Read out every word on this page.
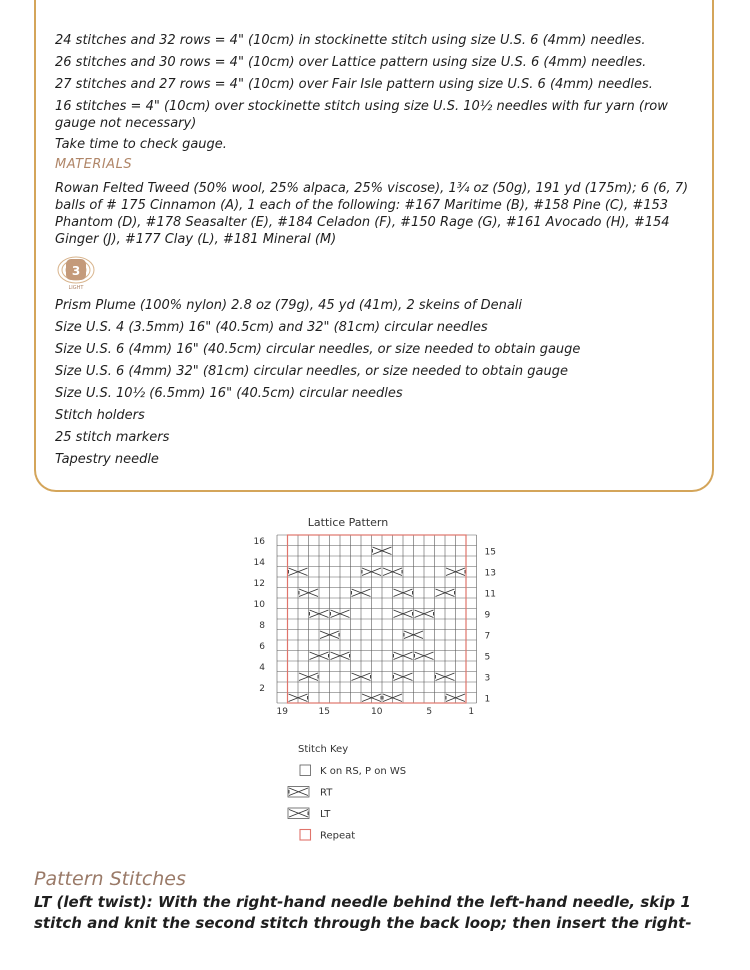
24 stitches and 32 rows = 4" (10cm) in stockinette stitch using size U.S. 6 (4mm) needles.
26 stitches and 30 rows = 4" (10cm) over Lattice pattern using size U.S. 6 (4mm) needles.
27 stitches and 27 rows = 4" (10cm) over Fair Isle pattern using size U.S. 6 (4mm) needles.
16 stitches = 4" (10cm) over stockinette stitch using size U.S. 10½ needles with fur yarn (row gauge not necessary)
Take time to check gauge.
MATERIALS
Rowan Felted Tweed (50% wool, 25% alpaca, 25% viscose), 1¾ oz (50g), 191 yd (175m); 6 (6, 7) balls of # 175 Cinnamon (A), 1 each of the following: #167 Maritime (B), #158 Pine (C), #153 Phantom (D), #178 Seasalter (E), #184 Celadon (F), #150 Rage (G), #161 Avocado (H), #154 Ginger (J), #177 Clay (L), #181 Mineral (M)
3
LIGHT
Prism Plume (100% nylon) 2.8 oz (79g), 45 yd (41m), 2 skeins of Denali
Size U.S. 4 (3.5mm) 16" (40.5cm) and 32" (81cm) circular needles
Size U.S. 6 (4mm) 16" (40.5cm) circular needles, or size needed to obtain gauge
Size U.S. 6 (4mm) 32" (81cm) circular needles, or size needed to obtain gauge
Size U.S. 10½ (6.5mm) 16" (40.5cm) circular needles
Stitch holders
25 stitch markers
Tapestry needle
Lattice Pattern
2
4
6
8
10
12
14
16
1
3
5
7
9
11
13
15
19	15	10	5	1
Stitch Key
K on RS, P on WS
RT
LT
Repeat
Pattern Stitches
LT (left twist): With the right-hand needle behind the left-hand needle, skip 1 stitch and knit the second stitch through the back loop; then insert the right-
